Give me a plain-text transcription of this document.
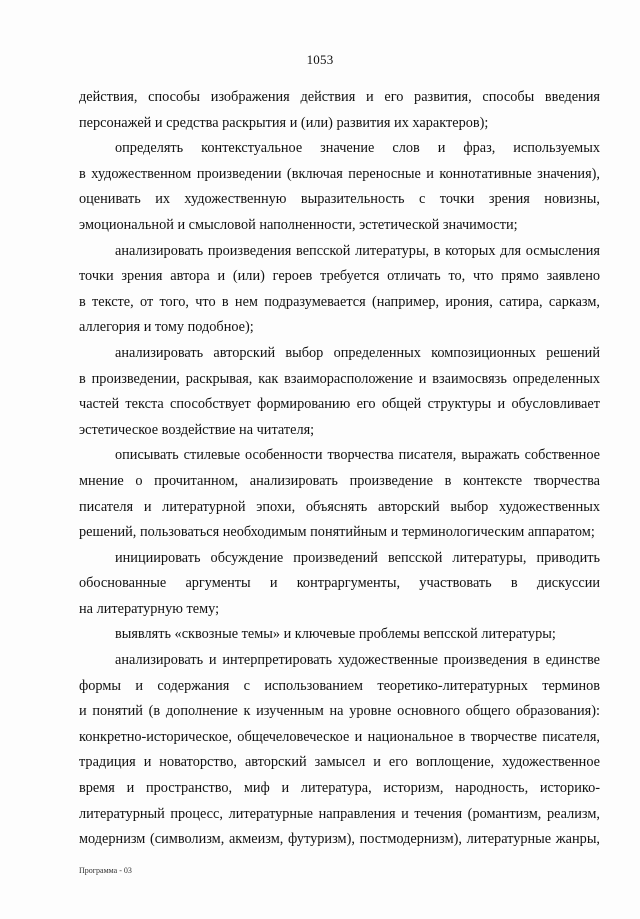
1053
действия, способы изображения действия и его развития, способы введения
персонажей и средства раскрытия и (или) развития их характеров);
определять контекстуальное значение слов и фраз, используемых
в художественном произведении (включая переносные и коннотативные значения),
оценивать их художественную выразительность с точки зрения новизны,
эмоциональной и смысловой наполненности, эстетической значимости;
анализировать произведения вепсской литературы, в которых для осмысления
точки зрения автора и (или) героев требуется отличать то, что прямо заявлено
в тексте, от того, что в нем подразумевается (например, ирония, сатира, сарказм,
аллегория и тому подобное);
анализировать авторский выбор определенных композиционных решений
в произведении, раскрывая, как взаиморасположение и взаимосвязь определенных
частей текста способствует формированию его общей структуры и обусловливает
эстетическое воздействие на читателя;
описывать стилевые особенности творчества писателя, выражать собственное
мнение о прочитанном, анализировать произведение в контексте творчества
писателя и литературной эпохи, объяснять авторский выбор художественных
решений, пользоваться необходимым понятийным и терминологическим аппаратом;
инициировать обсуждение произведений вепсской литературы, приводить
обоснованные аргументы и контраргументы, участвовать в дискуссии
на литературную тему;
выявлять «сквозные темы» и ключевые проблемы вепсской литературы;
анализировать и интерпретировать художественные произведения в единстве
формы и содержания с использованием теоретико-литературных терминов
и понятий (в дополнение к изученным на уровне основного общего образования):
конкретно-историческое, общечеловеческое и национальное в творчестве писателя,
традиция и новаторство, авторский замысел и его воплощение, художественное
время и пространство, миф и литература, историзм, народность, историко-
литературный процесс, литературные направления и течения (романтизм, реализм,
модернизм (символизм, акмеизм, футуризм), постмодернизм), литературные жанры,
Программа - 03
